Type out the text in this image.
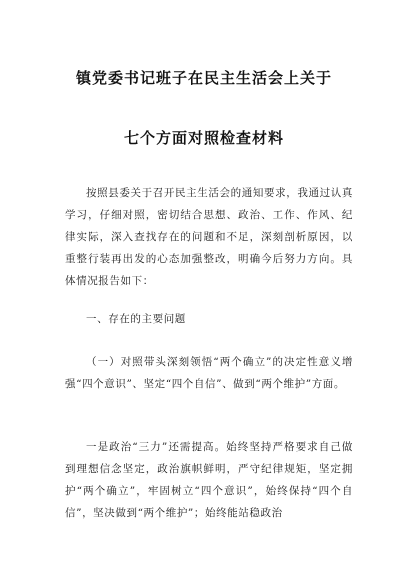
镇党委书记班子在民主生活会上关于
七个方面对照检查材料

按照县委关于召开民主生活会的通知要求，我通过认真学习，仔细对照，密切结合思想、政治、工作、作风、纪律实际，深入查找存在的问题和不足，深刻剖析原因，以重整行装再出发的心态加强整改，明确今后努力方向。具体情况报告如下：

一、存在的主要问题

（一）对照带头深刻领悟“两个确立”的决定性意义增强“四个意识”、坚定“四个自信”、做到“两个维护”方面。

一是政治“三力”还需提高。始终坚持严格要求自己做到理想信念坚定，政治旗帜鲜明，严守纪律规矩，坚定拥护“两个确立”，牢固树立“四个意识”，始终保持“四个自信”，坚决做到“两个维护”；始终能站稳政治
